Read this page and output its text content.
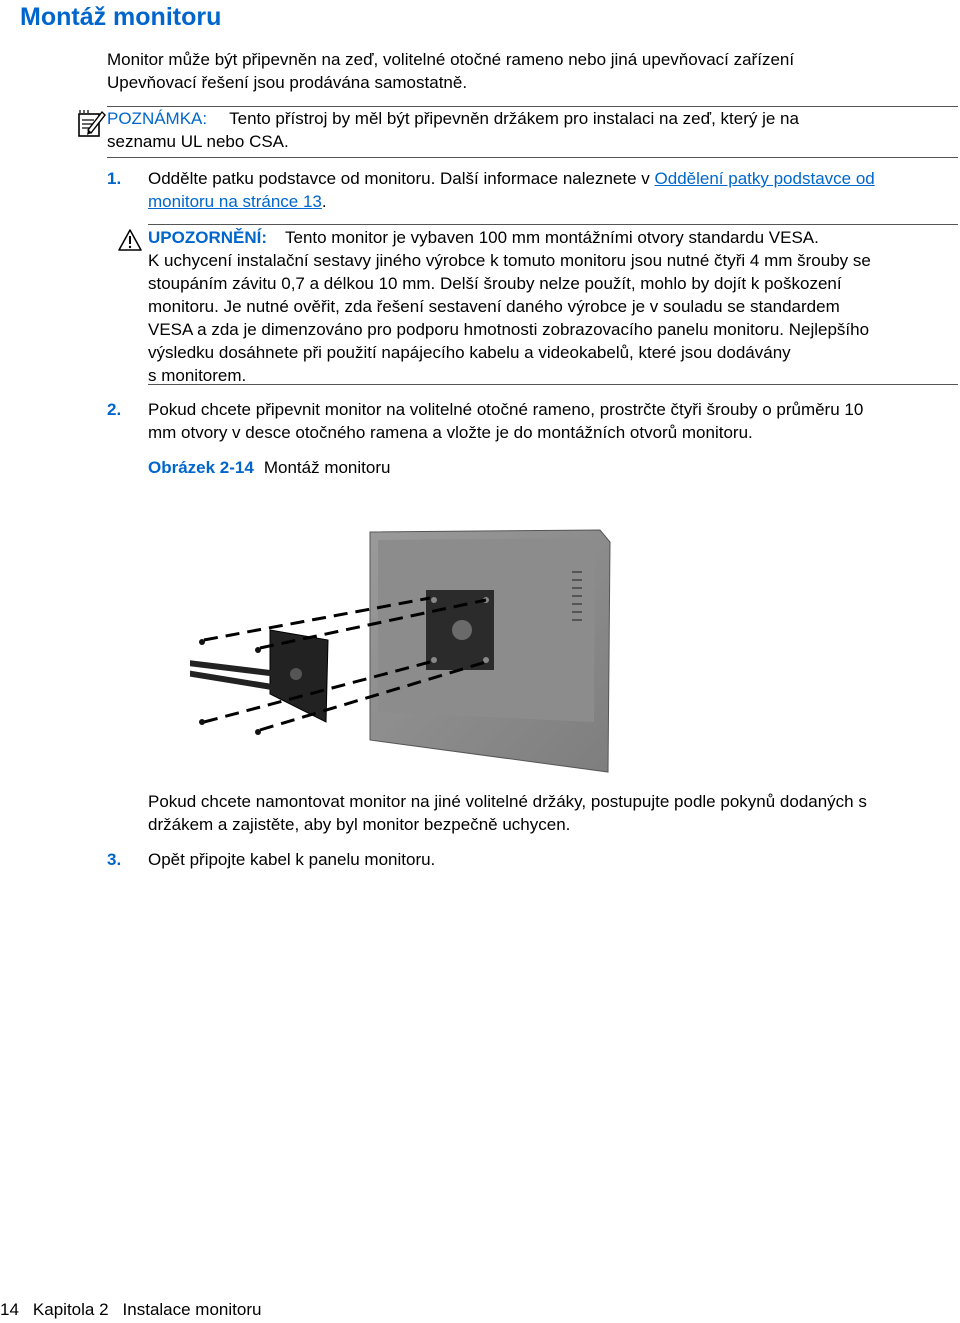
Montáž monitoru
Monitor může být připevněn na zeď, volitelné otočné rameno nebo jiná upevňovací zařízení
Upevňovací řešení jsou prodávána samostatně.
POZNÁMKA: Tento přístroj by měl být připevněn držákem pro instalaci na zeď, který je na
seznamu UL nebo CSA.
1. Oddělte patku podstavce od monitoru. Další informace naleznete v Oddělení patky podstavce od
monitoru na stránce 13.
UPOZORNĚNÍ: Tento monitor je vybaven 100 mm montážními otvory standardu VESA.
K uchycení instalační sestavy jiného výrobce k tomuto monitoru jsou nutné čtyři 4 mm šrouby se
stoupáním závitu 0,7 a délkou 10 mm. Delší šrouby nelze použít, mohlo by dojít k poškození
monitoru. Je nutné ověřit, zda řešení sestavení daného výrobce je v souladu se standardem
VESA a zda je dimenzováno pro podporu hmotnosti zobrazovacího panelu monitoru. Nejlepšího
výsledku dosáhnete při použití napájecího kabelu a videokabelů, které jsou dodávány
s monitorem.
2. Pokud chcete připevnit monitor na volitelné otočné rameno, prostrčte čtyři šrouby o průměru 10
mm otvory v desce otočného ramena a vložte je do montážních otvorů monitoru.
Obrázek 2-14 Montáž monitoru
Pokud chcete namontovat monitor na jiné volitelné držáky, postupujte podle pokynů dodaných s
držákem a zajistěte, aby byl monitor bezpečně uchycen.
3. Opět připojte kabel k panelu monitoru.
14 Kapitola 2 Instalace monitoru
